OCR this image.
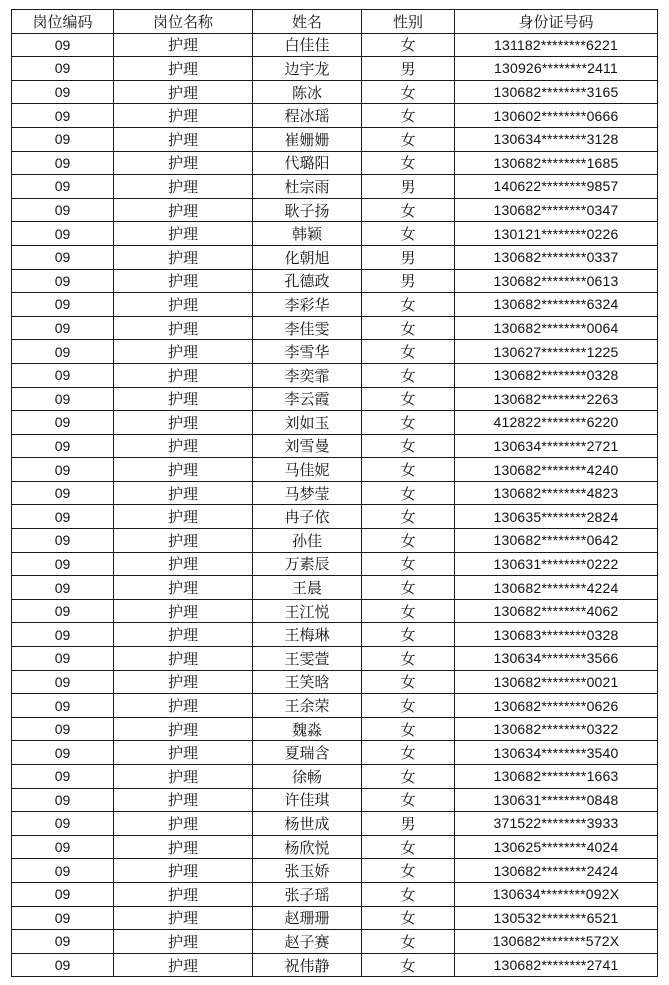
岗位编码	岗位名称	姓名	性别	身份证号码
09	护理	白佳佳	女	131182********6221
09	护理	边宇龙	男	130926********2411
09	护理	陈冰	女	130682********3165
09	护理	程冰瑶	女	130602********0666
09	护理	崔姗姗	女	130634********3128
09	护理	代璐阳	女	130682********1685
09	护理	杜宗雨	男	140622********9857
09	护理	耿子扬	女	130682********0347
09	护理	韩颖	女	130121********0226
09	护理	化朝旭	男	130682********0337
09	护理	孔德政	男	130682********0613
09	护理	李彩华	女	130682********6324
09	护理	李佳雯	女	130682********0064
09	护理	李雪华	女	130627********1225
09	护理	李奕霏	女	130682********0328
09	护理	李云霞	女	130682********2263
09	护理	刘如玉	女	412822********6220
09	护理	刘雪曼	女	130634********2721
09	护理	马佳妮	女	130682********4240
09	护理	马梦莹	女	130682********4823
09	护理	冉子依	女	130635********2824
09	护理	孙佳	女	130682********0642
09	护理	万素辰	女	130631********0222
09	护理	王晨	女	130682********4224
09	护理	王江悦	女	130682********4062
09	护理	王梅琳	女	130683********0328
09	护理	王雯萱	女	130634********3566
09	护理	王笑晗	女	130682********0021
09	护理	王余荣	女	130682********0626
09	护理	魏淼	女	130682********0322
09	护理	夏瑞含	女	130634********3540
09	护理	徐畅	女	130682********1663
09	护理	许佳琪	女	130631********0848
09	护理	杨世成	男	371522********3933
09	护理	杨欣悦	女	130625********4024
09	护理	张玉娇	女	130682********2424
09	护理	张子瑶	女	130634********092X
09	护理	赵珊珊	女	130532********6521
09	护理	赵子赛	女	130682********572X
09	护理	祝伟静	女	130682********2741
